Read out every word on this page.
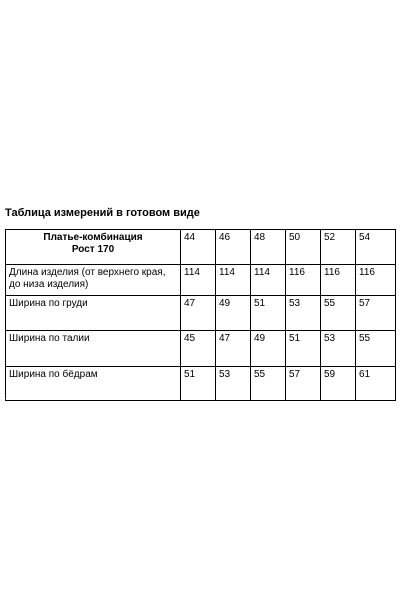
Таблица измерений в готовом виде
Платье-комбинация
Рост 170	44	46	48	50	52	54
Длина изделия (от верхнего края, до низа изделия)	114	114	114	116	116	116
Ширина по груди	47	49	51	53	55	57
Ширина по талии	45	47	49	51	53	55
Ширина по бёдрам	51	53	55	57	59	61
